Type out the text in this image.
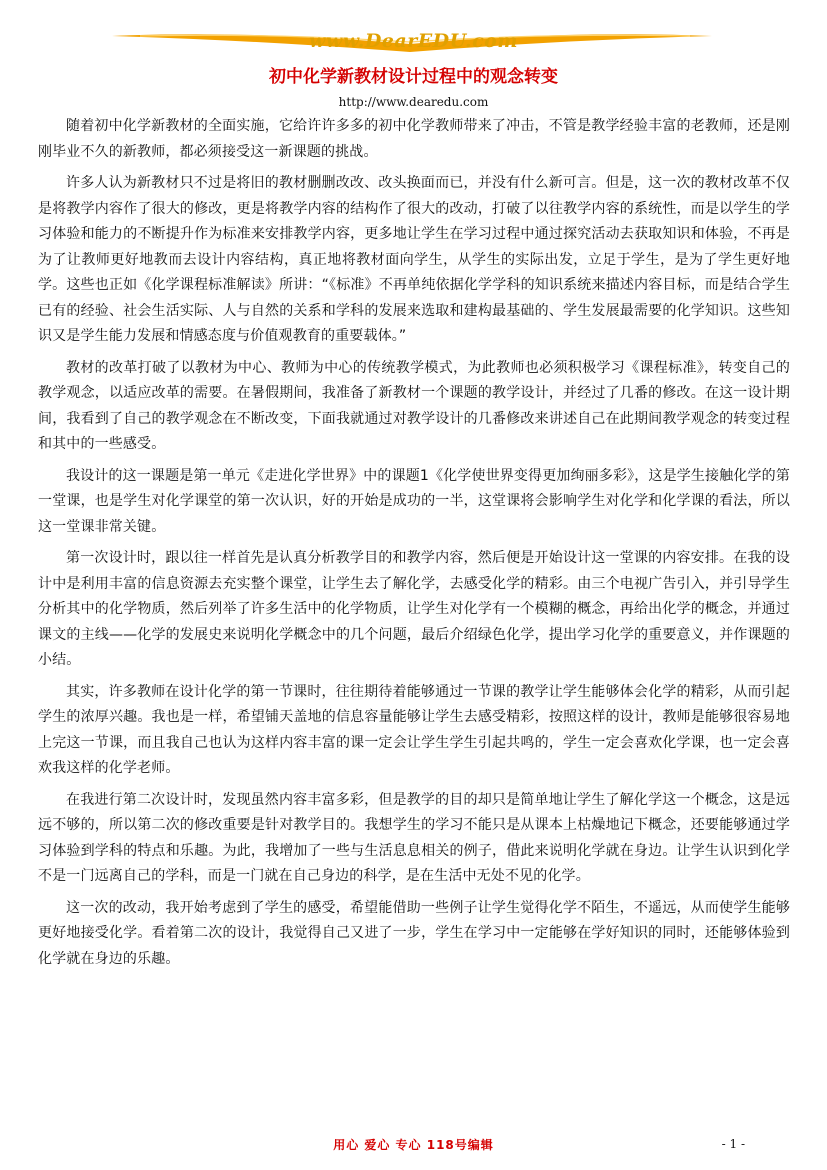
www.DearEDU.com
初中化学新教材设计过程中的观念转变
http://www.dearedu.com

随着初中化学新教材的全面实施，它给许许多多的初中化学教师带来了冲击，不管是教学经验丰富的老教师，还是刚刚毕业不久的新教师，都必须接受这一新课题的挑战。

许多人认为新教材只不过是将旧的教材删删改改、改头换面而已，并没有什么新可言。但是，这一次的教材改革不仅是将教学内容作了很大的修改，更是将教学内容的结构作了很大的改动，打破了以往教学内容的系统性，而是以学生的学习体验和能力的不断提升作为标准来安排教学内容，更多地让学生在学习过程中通过探究活动去获取知识和体验，不再是为了让教师更好地教而去设计内容结构，真正地将教材面向学生，从学生的实际出发，立足于学生，是为了学生更好地学。这些也正如《化学课程标准解读》所讲：“《标准》不再单纯依据化学学科的知识系统来描述内容目标，而是结合学生已有的经验、社会生活实际、人与自然的关系和学科的发展来选取和建构最基础的、学生发展最需要的化学知识。这些知识又是学生能力发展和情感态度与价值观教育的重要载体。”

教材的改革打破了以教材为中心、教师为中心的传统教学模式，为此教师也必须积极学习《课程标准》，转变自己的教学观念，以适应改革的需要。在暑假期间，我准备了新教材一个课题的教学设计，并经过了几番的修改。在这一设计期间，我看到了自己的教学观念在不断改变，下面我就通过对教学设计的几番修改来讲述自己在此期间教学观念的转变过程和其中的一些感受。

我设计的这一课题是第一单元《走进化学世界》中的课题1《化学使世界变得更加绚丽多彩》，这是学生接触化学的第一堂课，也是学生对化学课堂的第一次认识，好的开始是成功的一半，这堂课将会影响学生对化学和化学课的看法，所以这一堂课非常关键。

第一次设计时，跟以往一样首先是认真分析教学目的和教学内容，然后便是开始设计这一堂课的内容安排。在我的设计中是利用丰富的信息资源去充实整个课堂，让学生去了解化学，去感受化学的精彩。由三个电视广告引入，并引导学生分析其中的化学物质，然后列举了许多生活中的化学物质，让学生对化学有一个模糊的概念，再给出化学的概念，并通过课文的主线——化学的发展史来说明化学概念中的几个问题，最后介绍绿色化学，提出学习化学的重要意义，并作课题的小结。

其实，许多教师在设计化学的第一节课时，往往期待着能够通过一节课的教学让学生能够体会化学的精彩，从而引起学生的浓厚兴趣。我也是一样，希望铺天盖地的信息容量能够让学生去感受精彩，按照这样的设计，教师是能够很容易地上完这一节课，而且我自己也认为这样内容丰富的课一定会让学生学生引起共鸣的，学生一定会喜欢化学课，也一定会喜欢我这样的化学老师。

在我进行第二次设计时，发现虽然内容丰富多彩，但是教学的目的却只是简单地让学生了解化学这一个概念，这是远远不够的，所以第二次的修改重要是针对教学目的。我想学生的学习不能只是从课本上枯燥地记下概念，还要能够通过学习体验到学科的特点和乐趣。为此，我增加了一些与生活息息相关的例子，借此来说明化学就在身边。让学生认识到化学不是一门远离自己的学科，而是一门就在自己身边的科学，是在生活中无处不见的化学。

这一次的改动，我开始考虑到了学生的感受，希望能借助一些例子让学生觉得化学不陌生，不遥远，从而使学生能够更好地接受化学。看着第二次的设计，我觉得自己又进了一步，学生在学习中一定能够在学好知识的同时，还能够体验到化学就在身边的乐趣。

用心 爱心 专心 118号编辑	- 1 -
